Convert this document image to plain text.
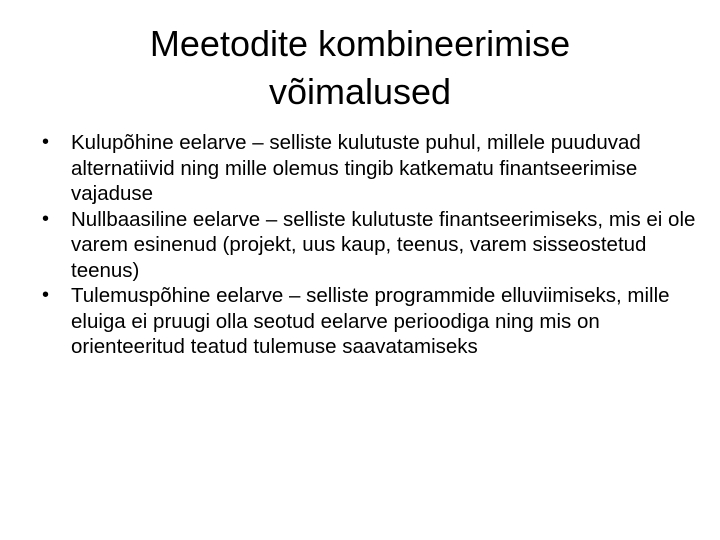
Meetodite kombineerimise
võimalused
• Kulupõhine eelarve – selliste kulutuste puhul, millele puuduvad alternatiivid ning mille olemus tingib katkematu finantseerimise vajaduse
• Nullbaasiline eelarve – selliste kulutuste finantseerimiseks, mis ei ole varem esinenud (projekt, uus kaup, teenus, varem sisseostetud teenus)
• Tulemuspõhine eelarve – selliste programmide elluviimiseks, mille eluiga ei pruugi olla seotud eelarve perioodiga ning mis on orienteeritud teatud tulemuse saavatamiseks
